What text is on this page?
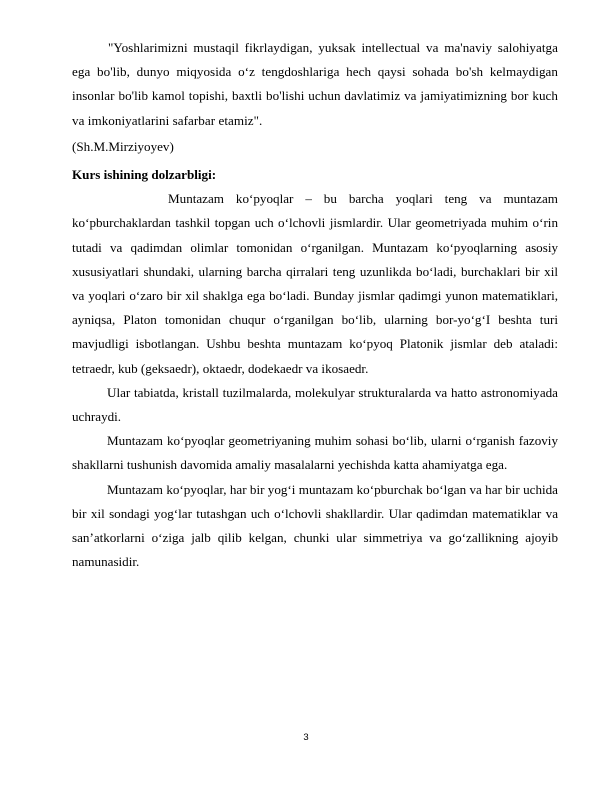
"Yoshlarimizni mustaqil fikrlaydigan, yuksak intellectual va ma'naviy salohiyatga ega bo'lib, dunyo miqyosida o‘z tengdoshlariga hech qaysi sohada bo'sh kelmaydigan insonlar bo'lib kamol topishi, baxtli bo'lishi uchun davlatimiz va jamiyatimizning bor kuch va imkoniyatlarini safarbar etamiz".

(Sh.M.Mirziyoyev)

Kurs ishining dolzarbligi:

Muntazam ko‘pyoqlar – bu barcha yoqlari teng va muntazam ko‘pburchaklardan tashkil topgan uch o‘lchovli jismlardir. Ular geometriyada muhim o‘rin tutadi va qadimdan olimlar tomonidan o‘rganilgan. Muntazam ko‘pyoqlarning asosiy xususiyatlari shundaki, ularning barcha qirralari teng uzunlikda bo‘ladi, burchaklari bir xil va yoqlari o‘zaro bir xil shaklga ega bo‘ladi. Bunday jismlar qadimgi yunon matematiklari, ayniqsa, Platon tomonidan chuqur o‘rganilgan bo‘lib, ularning bor-yo‘g‘I beshta turi mavjudligi isbotlangan. Ushbu beshta muntazam ko‘pyoq Platonik jismlar deb ataladi: tetraedr, kub (geksaedr), oktaedr, dodekaedr va ikosaedr.

Ular tabiatda, kristall tuzilmalarda, molekulyar strukturalarda va hatto astronomiyada uchraydi.

Muntazam ko‘pyoqlar geometriyaning muhim sohasi bo‘lib, ularni o‘rganish fazoviy shakllarni tushunish davomida amaliy masalalarni yechishda katta ahamiyatga ega.

Muntazam koʻpyoqlar, har bir yogʻi muntazam koʻpburchak boʻlgan va har bir uchida bir xil sondagi yogʻlar tutashgan uch oʻlchovli shakllardir. Ular qadimdan matematiklar va sanʼatkorlarni oʻziga jalb qilib kelgan, chunki ular simmetriya va goʻzallikning ajoyib namunasidir.

3
